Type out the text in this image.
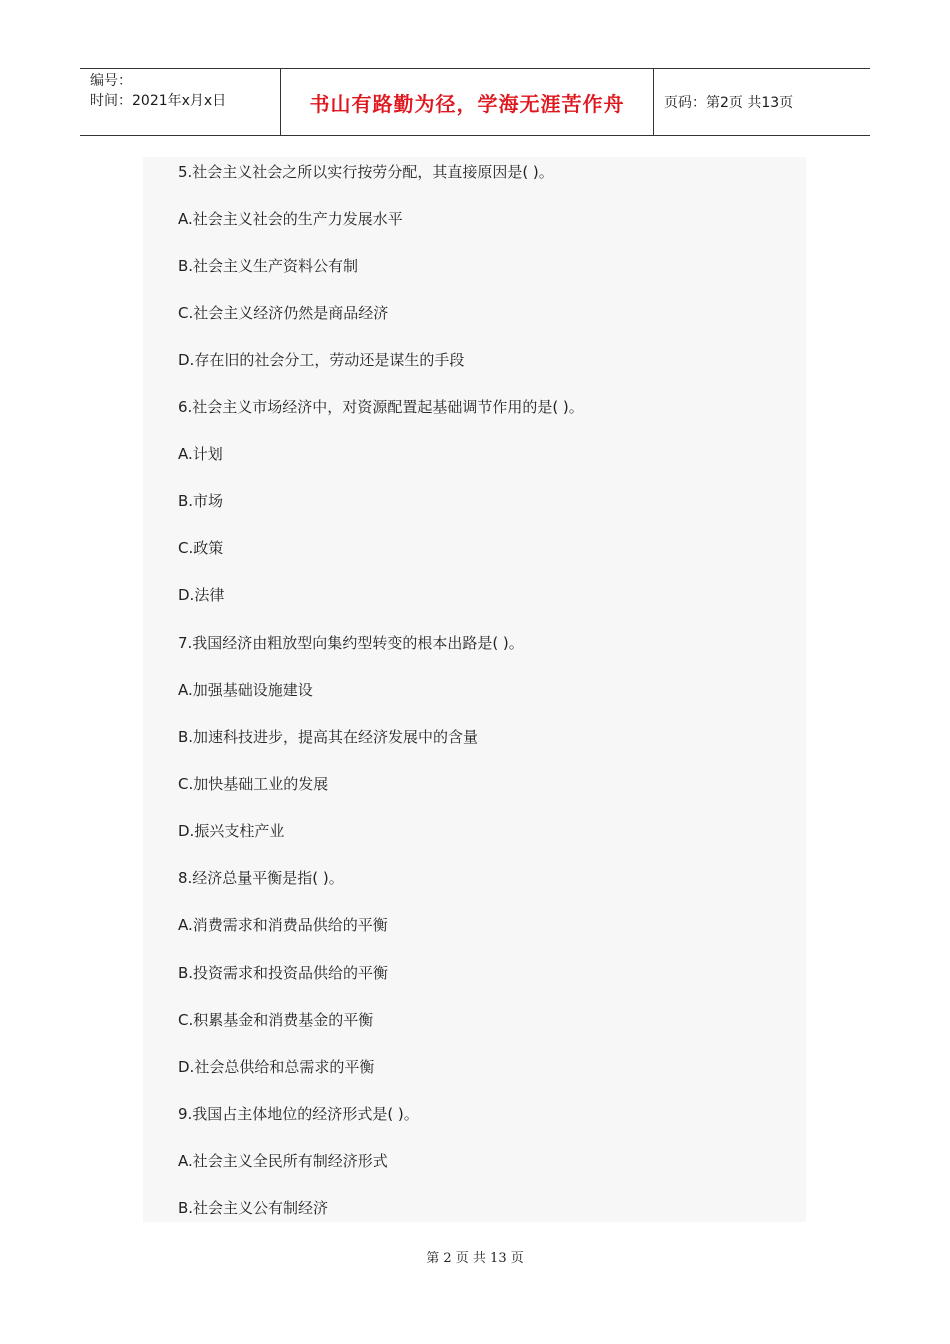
编号：
时间：2021年x月x日	书山有路勤为径，学海无涯苦作舟	页码：第2页 共13页
5.社会主义社会之所以实行按劳分配，其直接原因是( )。
A.社会主义社会的生产力发展水平
B.社会主义生产资料公有制
C.社会主义经济仍然是商品经济
D.存在旧的社会分工，劳动还是谋生的手段
6.社会主义市场经济中，对资源配置起基础调节作用的是( )。
A.计划
B.市场
C.政策
D.法律
7.我国经济由粗放型向集约型转变的根本出路是( )。
A.加强基础设施建设
B.加速科技进步，提高其在经济发展中的含量
C.加快基础工业的发展
D.振兴支柱产业
8.经济总量平衡是指( )。
A.消费需求和消费品供给的平衡
B.投资需求和投资品供给的平衡
C.积累基金和消费基金的平衡
D.社会总供给和总需求的平衡
9.我国占主体地位的经济形式是( )。
A.社会主义全民所有制经济形式
B.社会主义公有制经济
第 2 页 共 13 页
